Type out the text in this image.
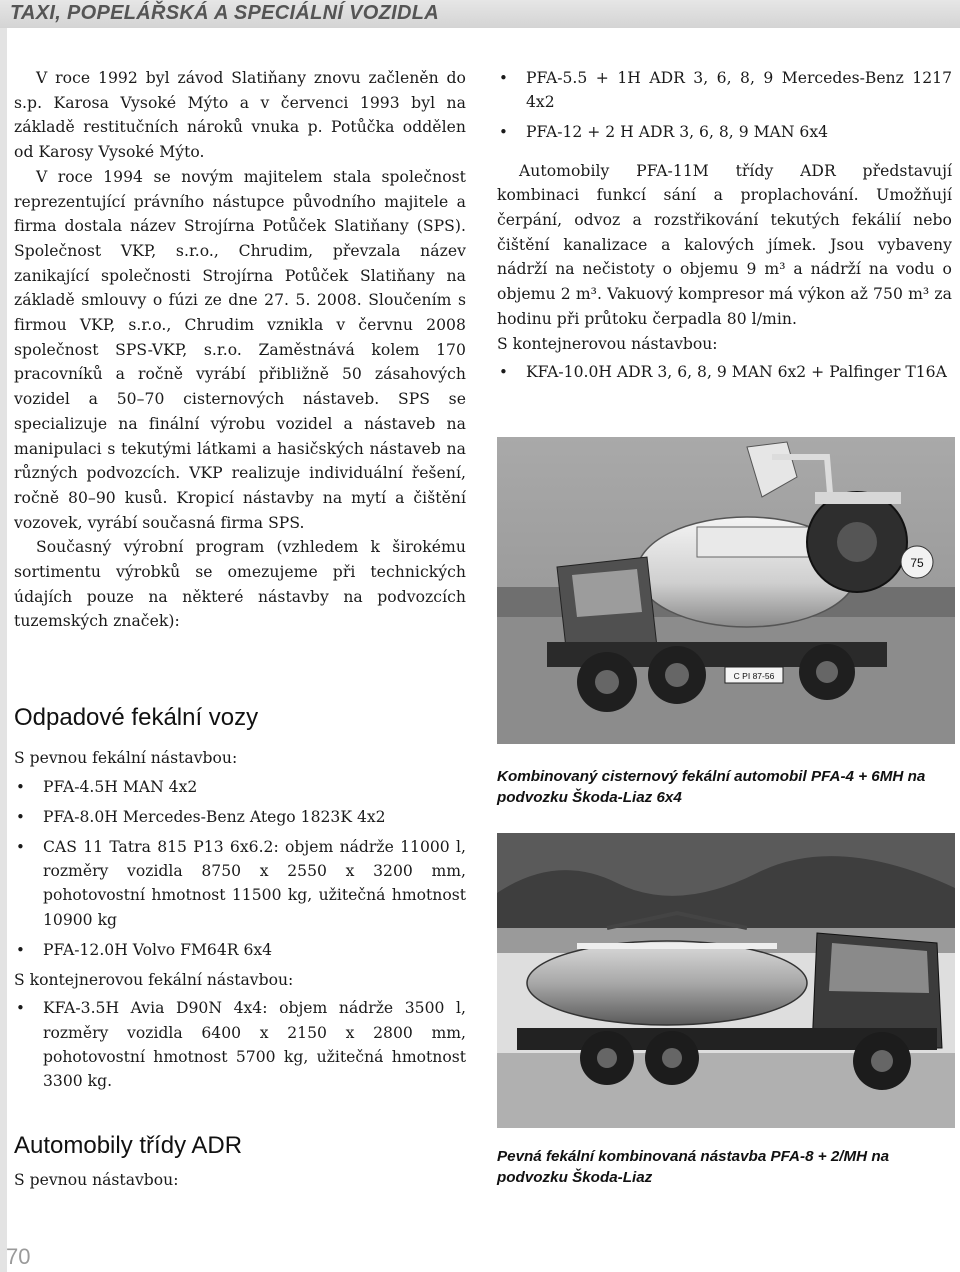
TAXI, POPELÁŘSKÁ A SPECIÁLNÍ VOZIDLA

V roce 1992 byl závod Slatiňany znovu začleněn do s.p. Karosa Vysoké Mýto a v červenci 1993 byl na základě restitučních nároků vnuka p. Potůčka oddělen od Karosy Vysoké Mýto.

V roce 1994 se novým majitelem stala společnost reprezentující právního nástupce původního majitele a firma dostala název Strojírna Potůček Slatiňany (SPS). Společnost VKP, s.r.o., Chrudim, převzala název zanikající společnosti Strojírna Potůček Slatiňany na základě smlouvy o fúzi ze dne 27. 5. 2008. Sloučením s firmou VKP, s.r.o., Chrudim vznikla v červnu 2008 společnost SPS-VKP, s.r.o. Zaměstnává kolem 170 pracovníků a ročně vyrábí přibližně 50 zásahových vozidel a 50–70 cisternových nástaveb. SPS se specializuje na finální výrobu vozidel a nástaveb na manipulaci s tekutými látkami a hasičských nástaveb na různých podvozcích. VKP realizuje individuální řešení, ročně 80–90 kusů. Kropicí nástavby na mytí a čištění vozovek, vyrábí současná firma SPS.

Současný výrobní program (vzhledem k širokému sortimentu výrobků se omezujeme při technických údajích pouze na některé nástavby na podvozcích tuzemských značek):

Odpadové fekální vozy

S pevnou fekální nástavbou:

• PFA-4.5H MAN 4x2
• PFA-8.0H Mercedes-Benz Atego 1823K 4x2
• CAS 11 Tatra 815 P13 6x6.2: objem nádrže 11000 l, rozměry vozidla 8750 x 2550 x 3200 mm, pohotovostní hmotnost 11500 kg, užitečná hmotnost 10900 kg
• PFA-12.0H Volvo FM64R 6x4

S kontejnerovou fekální nástavbou:

• KFA-3.5H Avia D90N 4x4: objem nádrže 3500 l, rozměry vozidla 6400 x 2150 x 2800 mm, pohotovostní hmotnost 5700 kg, užitečná hmotnost 3300 kg.
Automobily třídy ADR

S pevnou nástavbou:

• PFA-5.5 + 1H ADR 3, 6, 8, 9 Mercedes-Benz 1217 4x2
• PFA-12 + 2 H ADR 3, 6, 8, 9 MAN 6x4

Automobily PFA-11M třídy ADR představují kombinaci funkcí sání a proplachování. Umožňují čerpání, odvoz a rozstřikování tekutých fekálií nebo čištění kanalizace a kalových jímek. Jsou vybaveny nádrží na nečistoty o objemu 9 m³ a nádrží na vodu o objemu 2 m³. Vakuový kompresor má výkon až 750 m³ za hodinu při průtoku čerpadla 80 l/min.

S kontejnerovou nástavbou:

• KFA-10.0H ADR 3, 6, 8, 9 MAN 6x2 + Palfinger T16A
75
C PI 87-56
Kombinovaný cisternový fekální automobil PFA-4 + 6MH na podvozku Škoda-Liaz 6x4
Pevná fekální kombinovaná nástavba PFA-8 + 2/MH na podvozku Škoda-Liaz
70
